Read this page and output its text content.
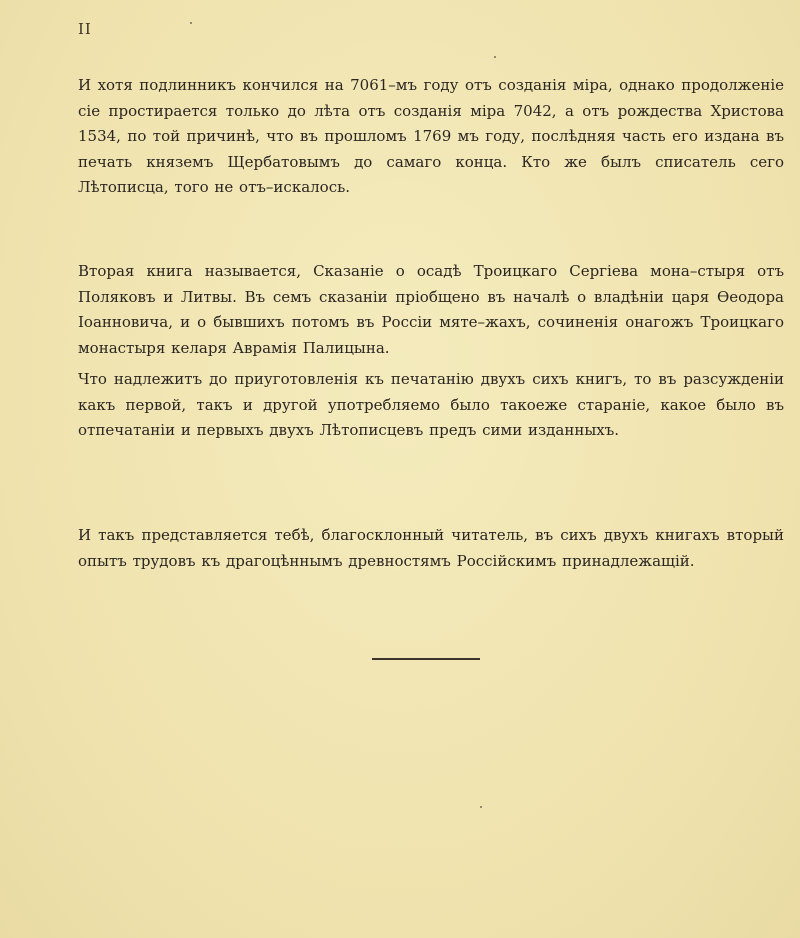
II

И хотя подлинникъ кончился на 7061–мъ году отъ созданія міра, однако продолженіе сіе простирается только до лѣта отъ созданія міра 7042, а отъ рождества Христова 1534, по той причинѣ, что въ прошломъ 1769 мъ году, послѣдняя часть его издана въ печать княземъ Щербатовымъ до самаго конца. Кто же былъ списатель сего Лѣтописца, того не отъ–искалось.

Вторая книга называется, Сказаніе о осадѣ Троицкаго Сергіева мона–стыря отъ Поляковъ и Литвы. Въ семъ сказаніи пріобщено въ началѣ о владѣніи царя Ѳеодора Іоанновича, и о бывшихъ потомъ въ Россіи мяте–жахъ, сочиненія онагожъ Троицкаго монастыря келаря Аврамія Палицына.

Что надлежитъ до приуготовленія къ печатанію двухъ сихъ книгъ, то въ разсужденіи какъ первой, такъ и другой употребляемо было такоеже стараніе, какое было въ отпечатаніи и первыхъ двухъ Лѣтописцевъ предъ сими изданныхъ.

И такъ представляется тебѣ, благосклонный читатель, въ сихъ двухъ книгахъ вторый опытъ трудовъ къ драгоцѣннымъ древностямъ Россійскимъ принадлежащій.
